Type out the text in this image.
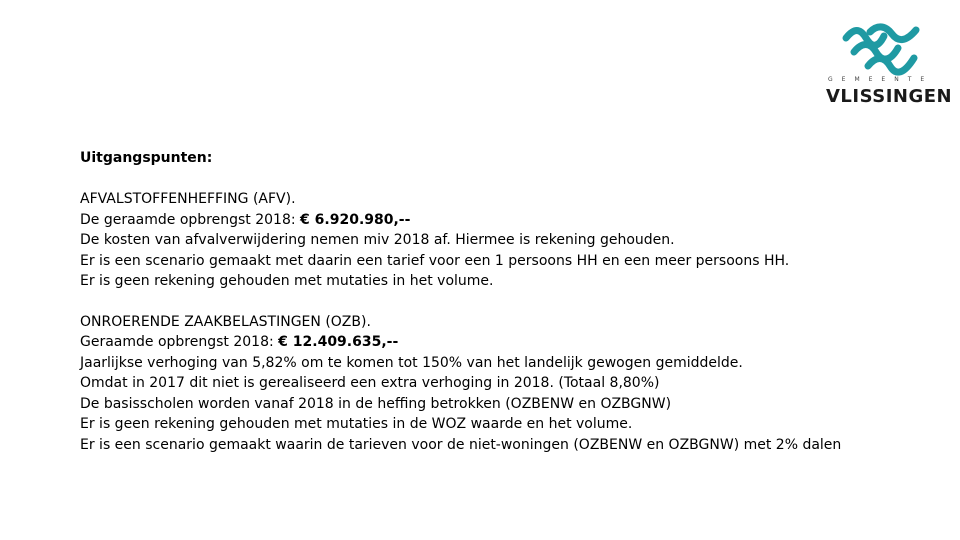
GEMEENTE
VLISSINGEN
Uitgangspunten:
AFVALSTOFFENHEFFING (AFV).
De geraamde opbrengst 2018: € 6.920.980,--
De kosten van afvalverwijdering nemen miv 2018 af. Hiermee is rekening gehouden.
Er is een scenario gemaakt met daarin een tarief voor een 1 persoons HH en een meer persoons HH.
Er is geen rekening gehouden met mutaties in het volume.
ONROERENDE ZAAKBELASTINGEN (OZB).
Geraamde opbrengst 2018: € 12.409.635,--
Jaarlijkse verhoging van 5,82% om te komen tot 150% van het landelijk gewogen gemiddelde.
Omdat in 2017 dit niet is gerealiseerd een extra verhoging in 2018. (Totaal 8,80%)
De basisscholen worden vanaf 2018 in de heffing betrokken (OZBENW en OZBGNW)
Er is geen rekening gehouden met mutaties in de WOZ waarde en het volume.
Er is een scenario gemaakt waarin de tarieven voor de niet-woningen (OZBENW en OZBGNW) met 2% dalen
